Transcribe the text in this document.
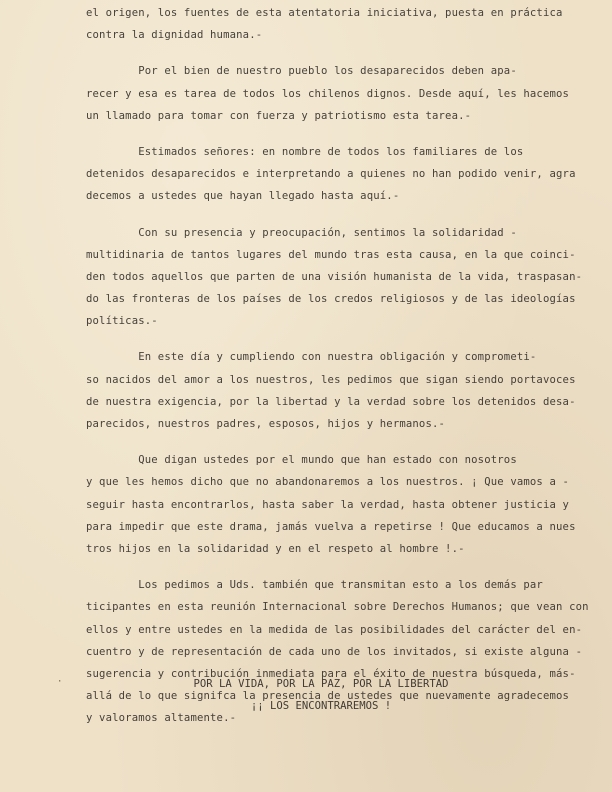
el origen, los fuentes de esta atentatoria iniciativa, puesta en práctica
contra la dignidad humana.-
Por el bien de nuestro pueblo los desaparecidos deben apa-
recer y esa es tarea de todos los chilenos dignos. Desde aquí, les hacemos
un llamado para tomar con fuerza y patriotismo esta tarea.-
Estimados señores: en nombre de todos los familiares de los
detenidos desaparecidos e interpretando a quienes no han podido venir, agra
decemos a ustedes que hayan llegado hasta aquí.-
Con su presencia y preocupación, sentimos la solidaridad -
multidinaria de tantos lugares del mundo tras esta causa, en la que coinci-
den todos aquellos que parten de una visión humanista de la vida, traspasan-
do las fronteras de los países de los credos religiosos y de las ideologías
políticas.-
En este día y cumpliendo con nuestra obligación y comprometi-
so nacidos del amor a los nuestros, les pedimos que sigan siendo portavoces
de nuestra exigencia, por la libertad y la verdad sobre los detenidos desa-
parecidos, nuestros padres, esposos, hijos y hermanos.-
Que digan ustedes por el mundo que han estado con nosotros
y que les hemos dicho que no abandonaremos a los nuestros. ¡ Que vamos a -
seguir hasta encontrarlos, hasta saber la verdad, hasta obtener justicia y
para impedir que este drama, jamás vuelva a repetirse ! Que educamos a nues
tros hijos en la solidaridad y en el respeto al hombre !.-
Los pedimos a Uds. también que transmitan esto a los demás par
ticipantes en esta reunión Internacional sobre Derechos Humanos; que vean con
ellos y entre ustedes en la medida de las posibilidades del carácter del en-
cuentro y de representación de cada uno de los invitados, si existe alguna -
sugerencia y contribución inmediata para el éxito de nuestra búsqueda, más-
allá de lo que signifca la presencia de ustedes que nuevamente agradecemos
y valoramos altamente.-
POR LA VIDA, POR LA PAZ, POR LA LIBERTAD
¡¡ LOS ENCONTRAREMOS !
·
